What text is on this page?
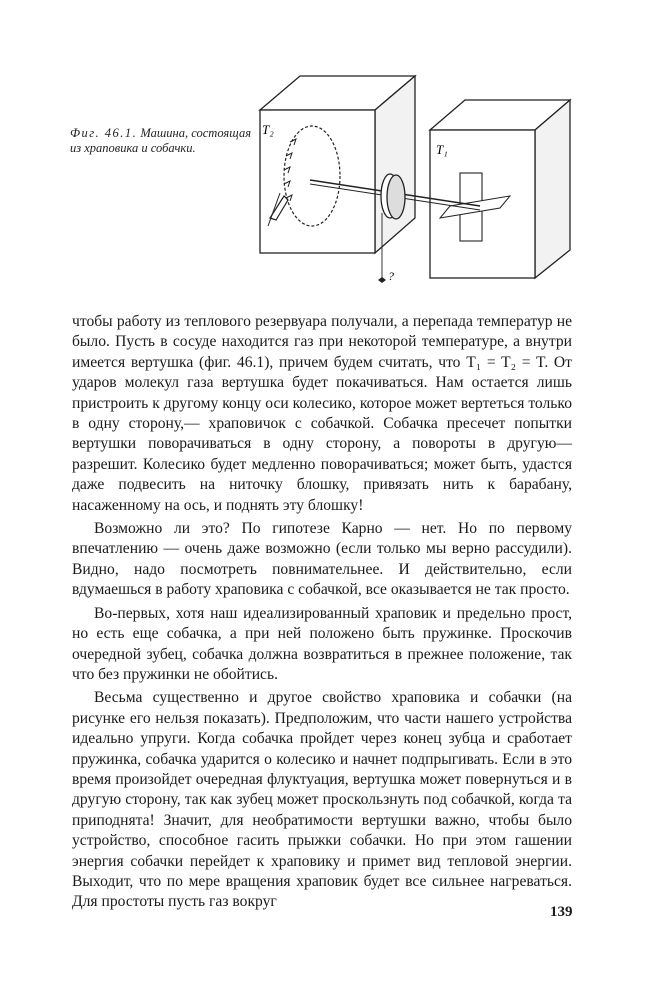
T₂
T₁
?
Фиг. 46.1. Машина, состоящая из храповика и собачки.

чтобы работу из теплового резервуара получали, а перепада температур не было. Пусть в сосуде находится газ при некоторой температуре, а внутри имеется вертушка (фиг. 46.1), причем будем считать, что T₁ = T₂ = T. От ударов молекул газа вертушка будет покачиваться. Нам остается лишь пристроить к другому концу оси колесико, которое может вертеться только в одну сторону,— храповичок с собачкой. Собачка пресечет попытки вертушки поворачиваться в одну сторону, а повороты в другую—разрешит. Колесико будет медленно поворачиваться; может быть, удастся даже подвесить на ниточку блошку, привязать нить к барабану, насаженному на ось, и поднять эту блошку!

Возможно ли это? По гипотезе Карно — нет. Но по первому впечатлению — очень даже возможно (если только мы верно рассудили). Видно, надо посмотреть повнимательнее. И действительно, если вдумаешься в работу храповика с собачкой, все оказывается не так просто.

Во-первых, хотя наш идеализированный храповик и предельно прост, но есть еще собачка, а при ней положено быть пружинке. Проскочив очередной зубец, собачка должна возвратиться в прежнее положение, так что без пружинки не обойтись.

Весьма существенно и другое свойство храповика и собачки (на рисунке его нельзя показать). Предположим, что части нашего устройства идеально упруги. Когда собачка пройдет через конец зубца и сработает пружинка, собачка ударится о колесико и начнет подпрыгивать. Если в это время произойдет очередная флуктуация, вертушка может повернуться и в другую сторону, так как зубец может проскользнуть под собачкой, когда та приподнята! Значит, для необратимости вертушки важно, чтобы было устройство, способное гасить прыжки собачки. Но при этом гашении энергия собачки перейдет к храповику и примет вид тепловой энергии. Выходит, что по мере вращения храповик будет все сильнее нагреваться. Для простоты пусть газ вокруг

139
